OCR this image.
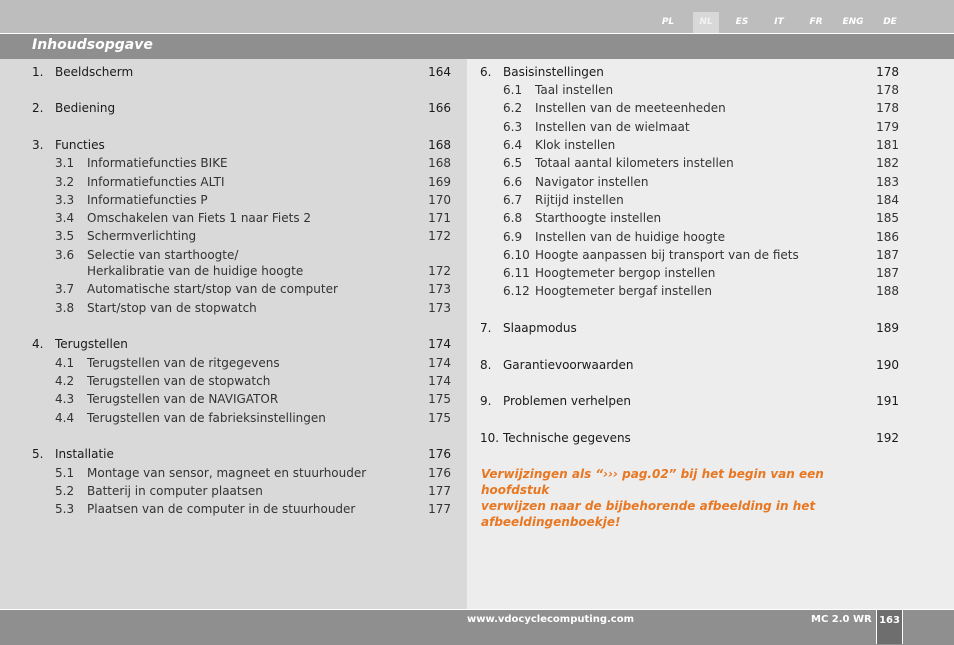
PL	NL	ES	IT	FR	ENG	DE
Inhoudsopgave
1. Beeldscherm	164
2. Bediening	166
3. Functies	168
3.1 Informatiefuncties BIKE	168
3.2 Informatiefuncties ALTI	169
3.3 Informatiefuncties P	170
3.4 Omschakelen van Fiets 1 naar Fiets 2	171
3.5 Schermverlichting	172
3.6 Selectie van starthoogte/
Herkalibratie van de huidige hoogte	172
3.7 Automatische start/stop van de computer	173
3.8 Start/stop van de stopwatch	173
4. Terugstellen	174
4.1 Terugstellen van de ritgegevens	174
4.2 Terugstellen van de stopwatch	174
4.3 Terugstellen van de NAVIGATOR	175
4.4 Terugstellen van de fabrieksinstellingen	175
5. Installatie	176
5.1 Montage van sensor, magneet en stuurhouder	176
5.2 Batterij in computer plaatsen	177
5.3 Plaatsen van de computer in de stuurhouder	177
6. Basisinstellingen	178
6.1 Taal instellen	178
6.2 Instellen van de meeteenheden	178
6.3 Instellen van de wielmaat	179
6.4 Klok instellen	181
6.5 Totaal aantal kilometers instellen	182
6.6 Navigator instellen	183
6.7 Rijtijd instellen	184
6.8 Starthoogte instellen	185
6.9 Instellen van de huidige hoogte	186
6.10 Hoogte aanpassen bij transport van de fiets	187
6.11 Hoogtemeter bergop instellen	187
6.12 Hoogtemeter bergaf instellen	188
7. Slaapmodus	189
8. Garantievoorwaarden	190
9. Problemen verhelpen	191
10. Technische gegevens	192
Verwijzingen als “››› pag.02” bij het begin van een hoofdstuk
verwijzen naar de bijbehorende afbeelding in het
afbeeldingenboekje!
www.vdocyclecomputing.com	MC 2.0 WR 163
